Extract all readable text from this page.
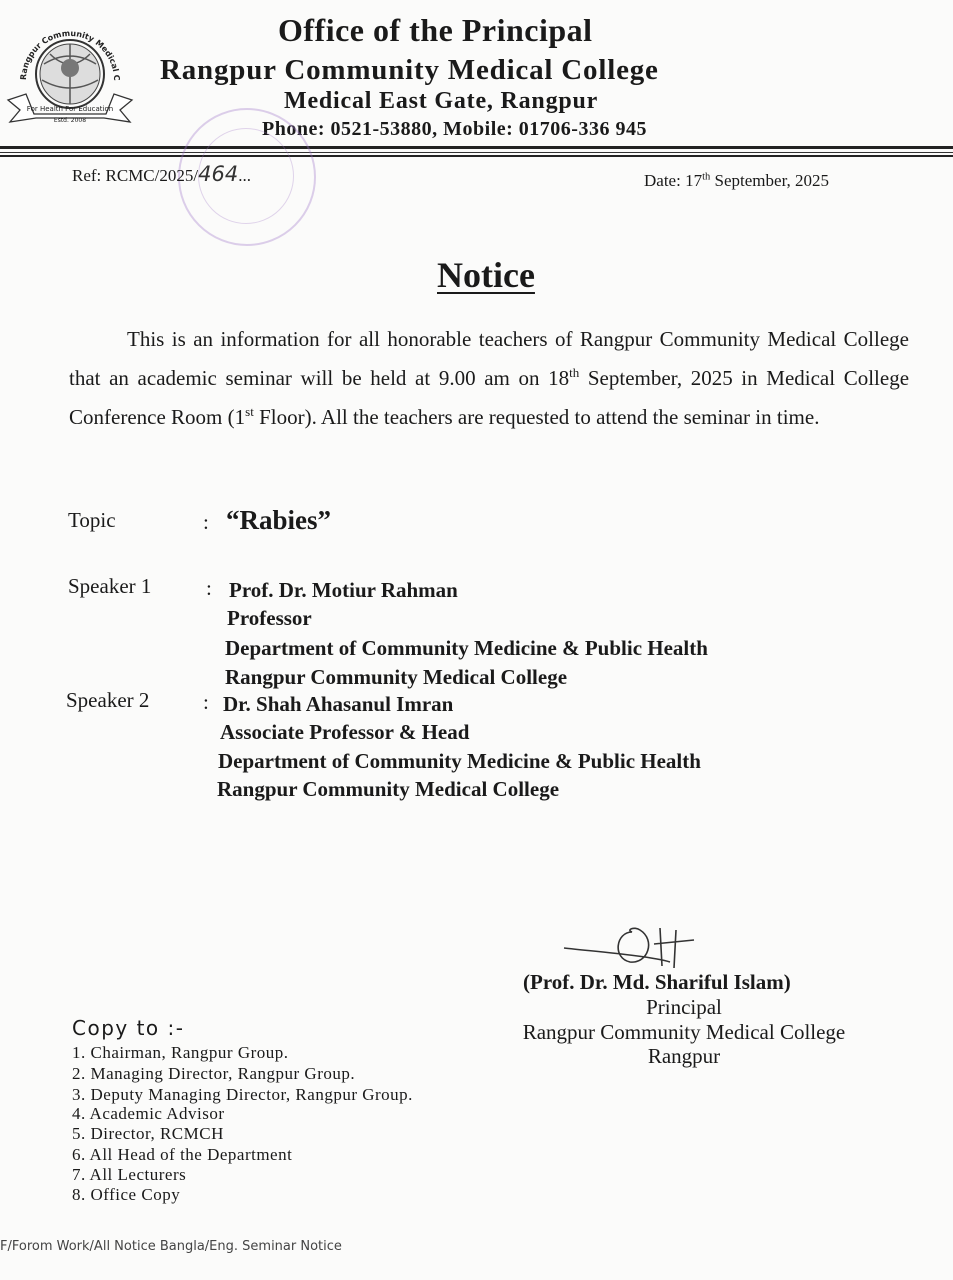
Rangpur Community Medical C
For Health For Education
Estd. 2008
Office of the Principal
Rangpur Community Medical College
Medical East Gate, Rangpur
Phone: 0521-53880, Mobile: 01706-336 945
Ref: RCMC/2025/464...	Date: 17th September, 2025
Notice
This is an information for all honorable teachers of Rangpur Community Medical College that an academic seminar will be held at 9.00 am on 18th September, 2025 in Medical College Conference Room (1st Floor). All the teachers are requested to attend the seminar in time.
Topic	: “Rabies”
Speaker 1	: Prof. Dr. Motiur Rahman
Professor
Department of Community Medicine & Public Health
Rangpur Community Medical College
Speaker 2	: Dr. Shah Ahasanul Imran
Associate Professor & Head
Department of Community Medicine & Public Health
Rangpur Community Medical College
(Prof. Dr. Md. Shariful Islam)
Principal
Rangpur Community Medical College
Rangpur
Copy to :-
1. Chairman, Rangpur Group.
2. Managing Director, Rangpur Group.
3. Deputy Managing Director, Rangpur Group.
4. Academic Advisor
5. Director, RCMCH
6. All Head of the Department
7. All Lecturers
8. Office Copy
F/Forom Work/All Notice Bangla/Eng. Seminar Notice
